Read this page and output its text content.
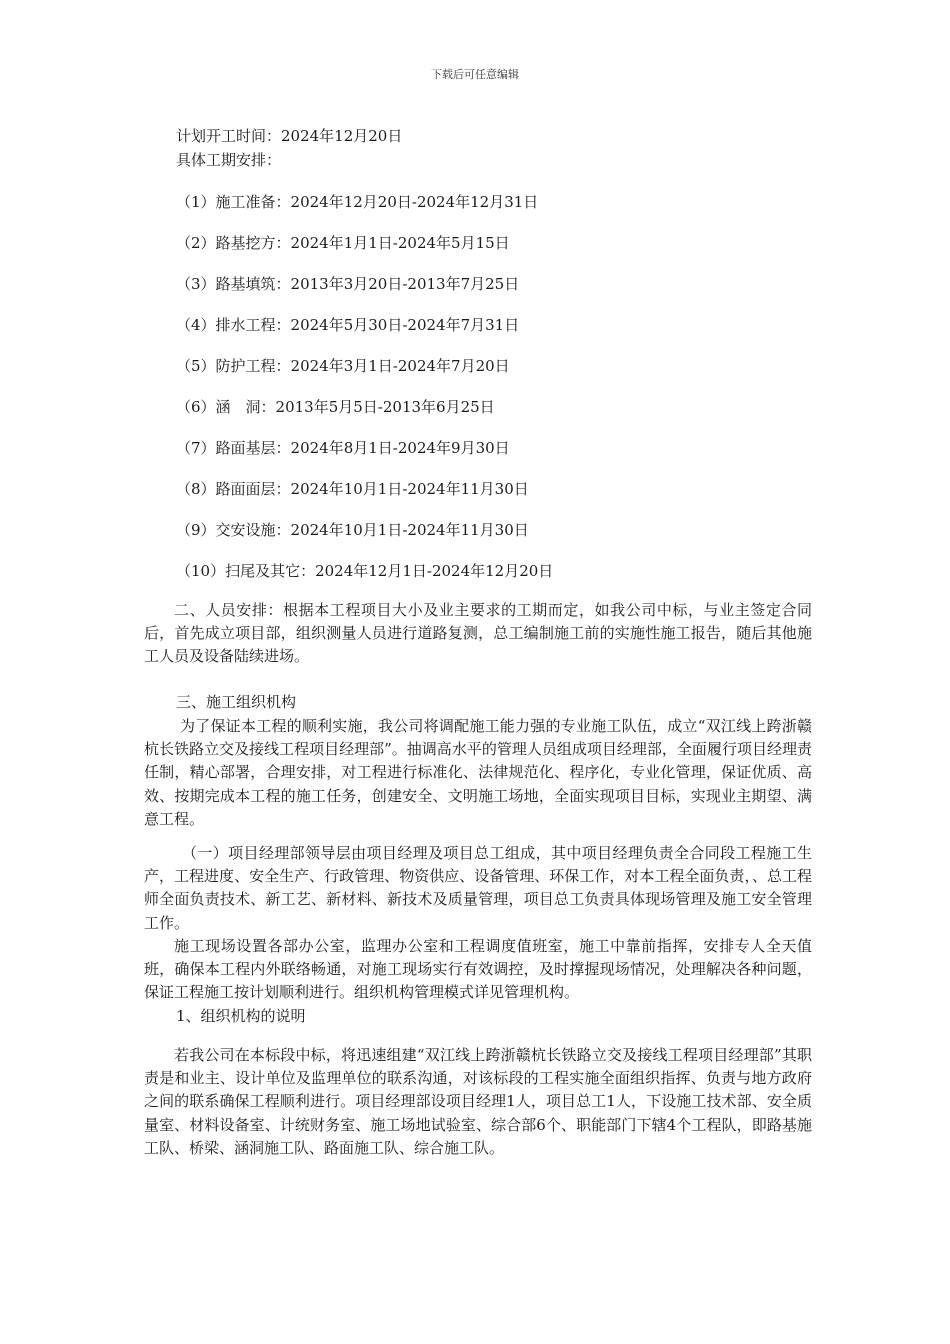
下载后可任意编辑
计划开工时间：2024年12月20日
具体工期安排：
（1）施工准备：2024年12月20日-2024年12月31日
（2）路基挖方：2024年1月1日-2024年5月15日
（3）路基填筑：2013年3月20日-2013年7月25日
（4）排水工程：2024年5月30日-2024年7月31日
（5）防护工程：2024年3月1日-2024年7月20日
（6）涵　洞：2013年5月5日-2013年6月25日
（7）路面基层：2024年8月1日-2024年9月30日
（8）路面面层：2024年10月1日-2024年11月30日
（9）交安设施：2024年10月1日-2024年11月30日
（10）扫尾及其它：2024年12月1日-2024年12月20日
二、人员安排：根据本工程项目大小及业主要求的工期而定，如我公司中标，与业主签定合同后，首先成立项目部，组织测量人员进行道路复测，总工编制施工前的实施性施工报告，随后其他施工人员及设备陆续进场。
三、施工组织机构
为了保证本工程的顺利实施，我公司将调配施工能力强的专业施工队伍，成立“双江线上跨浙赣杭长铁路立交及接线工程项目经理部”。抽调高水平的管理人员组成项目经理部，全面履行项目经理责任制，精心部署，合理安排，对工程进行标准化、法律规范化、程序化，专业化管理，保证优质、高效、按期完成本工程的施工任务，创建安全、文明施工场地，全面实现项目目标，实现业主期望、满意工程。
（一）项目经理部领导层由项目经理及项目总工组成，其中项目经理负责全合同段工程施工生产，工程进度、安全生产、行政管理、物资供应、设备管理、环保工作，对本工程全面负责，、总工程师全面负责技术、新工艺、新材料、新技术及质量管理，项目总工负责具体现场管理及施工安全管理工作。
施工现场设置各部办公室，监理办公室和工程调度值班室，施工中靠前指挥，安排专人全天值班，确保本工程内外联络畅通，对施工现场实行有效调控，及时撑握现场情况，处理解决各种问题，保证工程施工按计划顺利进行。组织机构管理模式详见管理机构。
1、组织机构的说明
若我公司在本标段中标，将迅速组建“双江线上跨浙赣杭长铁路立交及接线工程项目经理部”其职责是和业主、设计单位及监理单位的联系沟通，对该标段的工程实施全面组织指挥、负责与地方政府之间的联系确保工程顺利进行。项目经理部设项目经理1人，项目总工1人，下设施工技术部、安全质量室、材料设备室、计统财务室、施工场地试验室、综合部6个、职能部门下辖4个工程队，即路基施工队、桥梁、涵洞施工队、路面施工队、综合施工队。
